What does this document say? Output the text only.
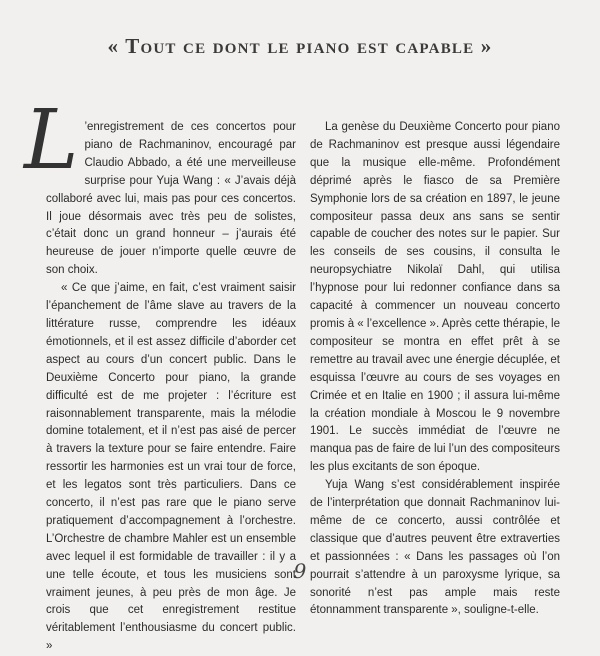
« Tout ce dont le piano est capable »

L ’enregistrement de ces concertos pour piano de Rachmaninov, encouragé par Claudio Abbado, a été une merveilleuse surprise pour Yuja Wang : « J’avais déjà collaboré avec lui, mais pas pour ces concertos. Il joue désormais avec très peu de solistes, c’était donc un grand honneur – j’aurais été heureuse de jouer n’importe quelle œuvre de son choix.

« Ce que j’aime, en fait, c’est vraiment saisir l’épanchement de l’âme slave au travers de la littérature russe, comprendre les idéaux émotionnels, et il est assez difficile d’aborder cet aspect au cours d’un concert public. Dans le Deuxième Concerto pour piano, la grande difficulté est de me projeter : l’écriture est raisonnablement transparente, mais la mélodie domine totalement, et il n’est pas aisé de percer à travers la texture pour se faire entendre. Faire ressortir les harmonies est un vrai tour de force, et les legatos sont très particuliers. Dans ce concerto, il n’est pas rare que le piano serve pratiquement d’accompagnement à l’orchestre. L’Orchestre de chambre Mahler est un ensemble avec lequel il est formidable de travailler : il y a une telle écoute, et tous les musiciens sont vraiment jeunes, à peu près de mon âge. Je crois que cet enregistrement restitue véritablement l’enthousiasme du concert public. »

La genèse du Deuxième Concerto pour piano de Rachmaninov est presque aussi légendaire que la musique elle-même. Profondément déprimé après le fiasco de sa Première Symphonie lors de sa création en 1897, le jeune compositeur passa deux ans sans se sentir capable de coucher des notes sur le papier. Sur les conseils de ses cousins, il consulta le neuropsychiatre Nikolaï Dahl, qui utilisa l’hypnose pour lui redonner confiance dans sa capacité à commencer un nouveau concerto promis à « l’excellence ». Après cette thérapie, le compositeur se montra en effet prêt à se remettre au travail avec une énergie décuplée, et esquissa l’œuvre au cours de ses voyages en Crimée et en Italie en 1900 ; il assura lui-même la création mondiale à Moscou le 9 novembre 1901. Le succès immédiat de l’œuvre ne manqua pas de faire de lui l’un des compositeurs les plus excitants de son époque.

Yuja Wang s’est considérablement inspirée de l’interprétation que donnait Rachmaninov lui-même de ce concerto, aussi contrôlée et classique que d’autres peuvent être extraverties et passionnées : « Dans les passages où l’on pourrait s’attendre à un paroxysme lyrique, sa sonorité n’est pas ample mais reste étonnamment transparente », souligne-t-elle.

9
